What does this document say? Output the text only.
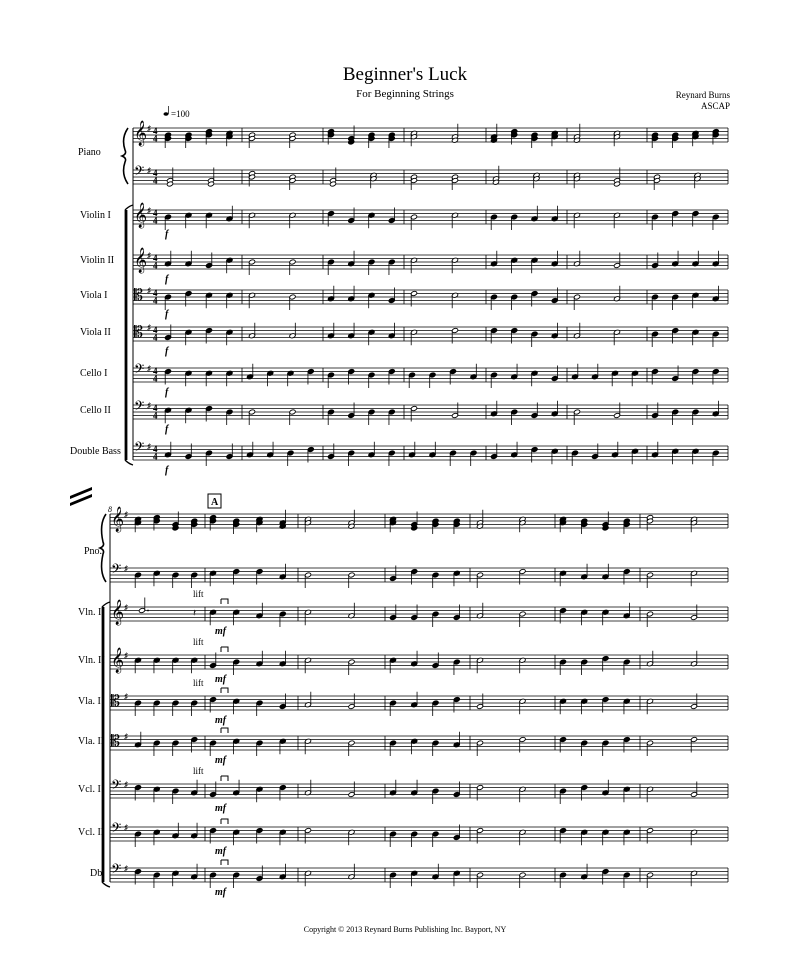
Beginner's Luck
For Beginning Strings	Reynard Burns
ASCAP
=100
𝄞 ♯ 4
4
𝄢 ♯ 4
4
𝄞 ♯ 4
4
𝄞 ♯ 4
4
𝄡 ♯ 4
4
𝄡 ♯ 4
4
𝄢 ♯ 4
4
𝄢 ♯ 4
4
𝄢 ♯ 4
4
Piano
Violin I
Violin II
Viola I
Viola II
Cello I
Cello II
Double Bass
f
f
f
f
f
f
f
8
A
𝄞 ♯
𝄢 ♯
𝄞 ♯
𝄽
𝄞 ♯
𝄡 ♯
𝄡 ♯
𝄢 ♯
𝄢 ♯
𝄢 ♯
Pno.
Vln. I
Vln. II
Vla. I
Vla. II
Vcl. I
Vcl. II
Db.
lift
lift
lift
lift
mf
mf
mf
mf
mf
mf
mf
Copyright © 2013 Reynard Burns Publishing Inc. Bayport, NY
